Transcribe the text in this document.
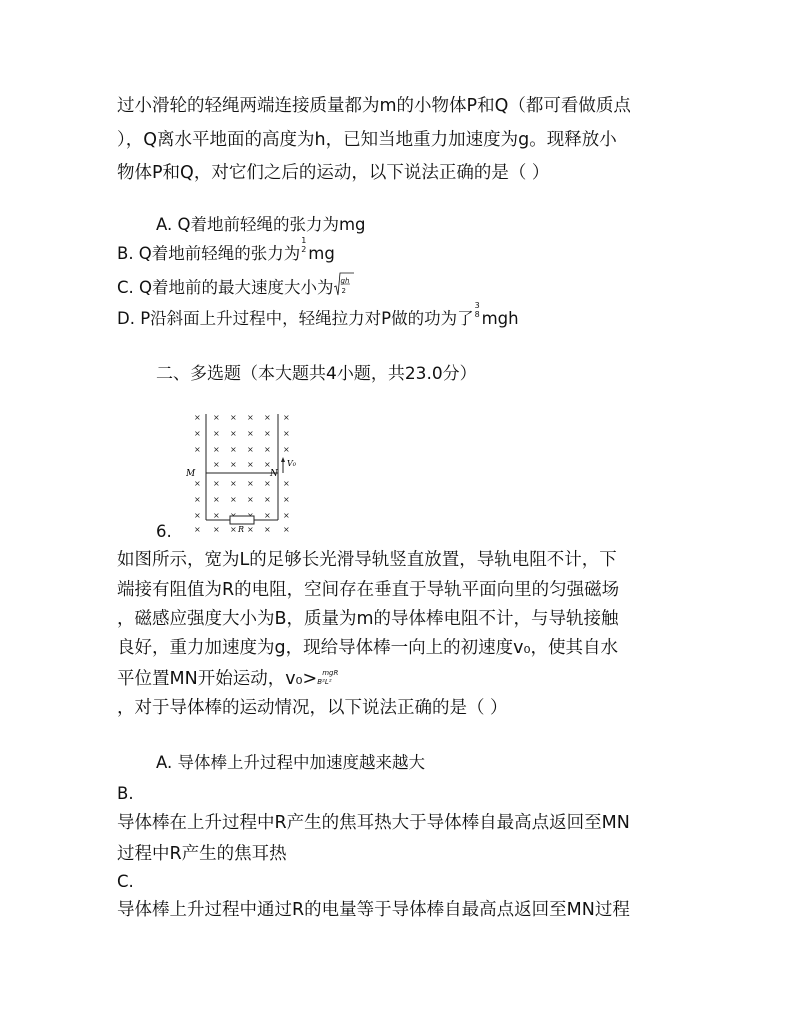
过小滑轮的轻绳两端连接质量都为m的小物体P和Q（都可看做质点
），Q离水平地面的高度为h，已知当地重力加速度为g。现释放小
物体P和Q，对它们之后的运动，以下说法正确的是（ ）
A. Q着地前轻绳的张力为mg
B. Q着地前轻绳的张力为
1
2 mg
C. Q着地前的最大速度大小为 gh
2
D. P沿斜面上升过程中，轻绳拉力对P做的功为了
3
8 mgh
二、多选题（本大题共4小题，共23.0分）
× × × × × ×
× × × × × ×
× × × × × ×
× × × ×
× × × × × ×
× × × × × ×
× ×	× ×
× × × × × ×
M	N
V₀
R
6.
如图所示，宽为L的足够长光滑导轨竖直放置，导轨电阻不计，下
端接有阻值为R的电阻，空间存在垂直于导轨平面向里的匀强磁场
，磁感应强度大小为B，质量为m的导体棒电阻不计，与导轨接触
良好，重力加速度为g，现给导体棒一向上的初速度v₀，使其自水
平位置MN开始运动，v₀> mgR
B²L²
，对于导体棒的运动情况，以下说法正确的是（ ）
A. 导体棒上升过程中加速度越来越大
B.
导体棒在上升过程中R产生的焦耳热大于导体棒自最高点返回至MN
过程中R产生的焦耳热
C.
导体棒上升过程中通过R的电量等于导体棒自最高点返回至MN过程
